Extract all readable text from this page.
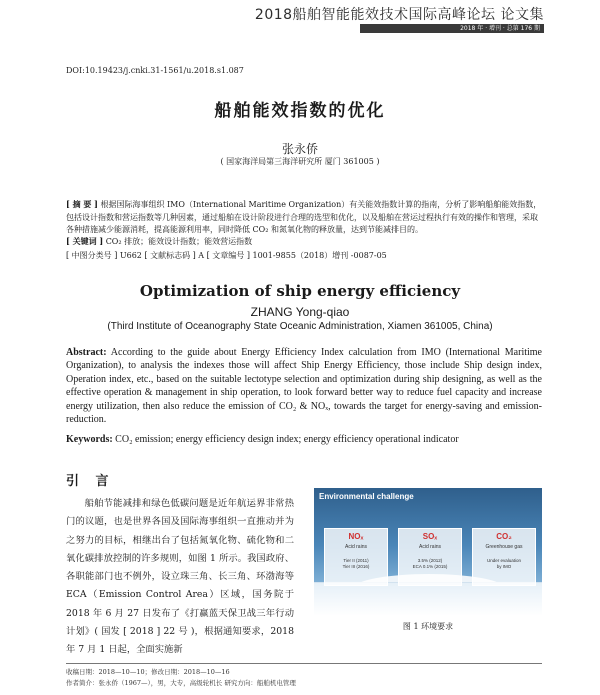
2018船舶智能能效技术国际高峰论坛 论文集
2018 年 · 增刊 · 总第 176 期
DOI:10.19423/j.cnki.31-1561/u.2018.s1.087
船舶能效指数的优化
张永侨
( 国家海洋局第三海洋研究所 厦门 361005 )
[ 摘 要 ] 根据国际海事组织 IMO（International Maritime Organization）有关能效指数计算的指南，分析了影响船舶能效指数，包括设计指数和营运指数等几种因素，通过船舶在设计阶段进行合理的选型和优化，以及船舶在营运过程执行有效的操作和管理，采取各种措施减少能源消耗，提高能源利用率，同时降低 CO₂ 和氮氧化物的释放量，达到节能减排目的。
[ 关键词 ] CO₂ 排放；能效设计指数；能效营运指数
[ 中图分类号 ] U662 [ 文献标志码 ] A [ 文章编号 ] 1001-9855（2018）增刊 -0087-05
Optimization of ship energy efficiency
ZHANG Yong-qiao
(Third Institute of Oceanography State Oceanic Administration, Xiamen 361005, China)
Abstract: According to the guide about Energy Efficiency Index calculation from IMO (International Maritime Organization), to analysis the indexes those will affect Ship Energy Efficiency, those include Ship design index, Operation index, etc., based on the suitable lectotype selection and optimization during ship designing, as well as the effective operation & management in ship operation, to look forward better way to reduce fuel capacity and increase energy utilization, then also reduce the emission of CO₂ & NOₓ, towards the target for energy-saving and emission-reduction.
Keywords: CO₂ emission; energy efficiency design index; energy efficiency operational indicator
引 言

船舶节能减排和绿色低碳问题是近年航运界非常热门的议题，也是世界各国及国际海事组织一直推动并为之努力的目标，相继出台了包括氮氧化物、硫化物和二氧化碳排放控制的许多规则，如图 1 所示。我国政府、各职能部门也不例外，设立珠三角、长三角、环渤海等 ECA（Emission Control Area）区域，国务院于 2018 年 6 月 27 日发布了《打赢蓝天保卫战三年行动计划》( 国发 [ 2018 ] 22 号 )，根据通知要求，2018 年 7 月 1 日起，全面实施新

Environmental challenge
NOₓ
Acid rains
Tier II (2011)
Tier III (2016)
SOₓ
Acid rains
3.5% (2012)
ECA 0.1% (2015)
CO₂
Greenhouse gas
Under evaluation
by IMO
图 1 环境要求
收稿日期：2018—10—10；修改日期：2018—10—16
作者简介：张永侨（1967—），男，大专，高级轮机长 研究方向：船舶机电管理
